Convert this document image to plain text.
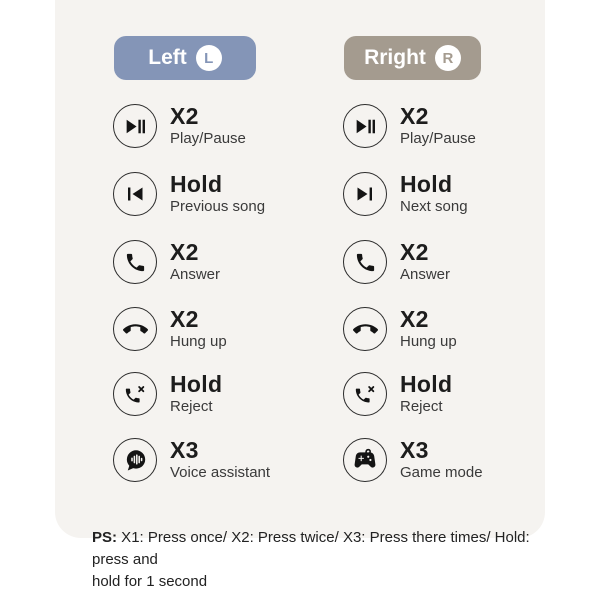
Left L	Rright R
X2
Play/Pause
Hold
Previous song
X2
Answer
X2
Hung up
Hold
Reject
X3
Voice assistant
X2
Play/Pause
Hold
Next song
X2
Answer
X2
Hung up
Hold
Reject
X3
Game mode
PS: X1: Press once/ X2: Press twice/ X3: Press there times/ Hold: press and
hold for 1 second
